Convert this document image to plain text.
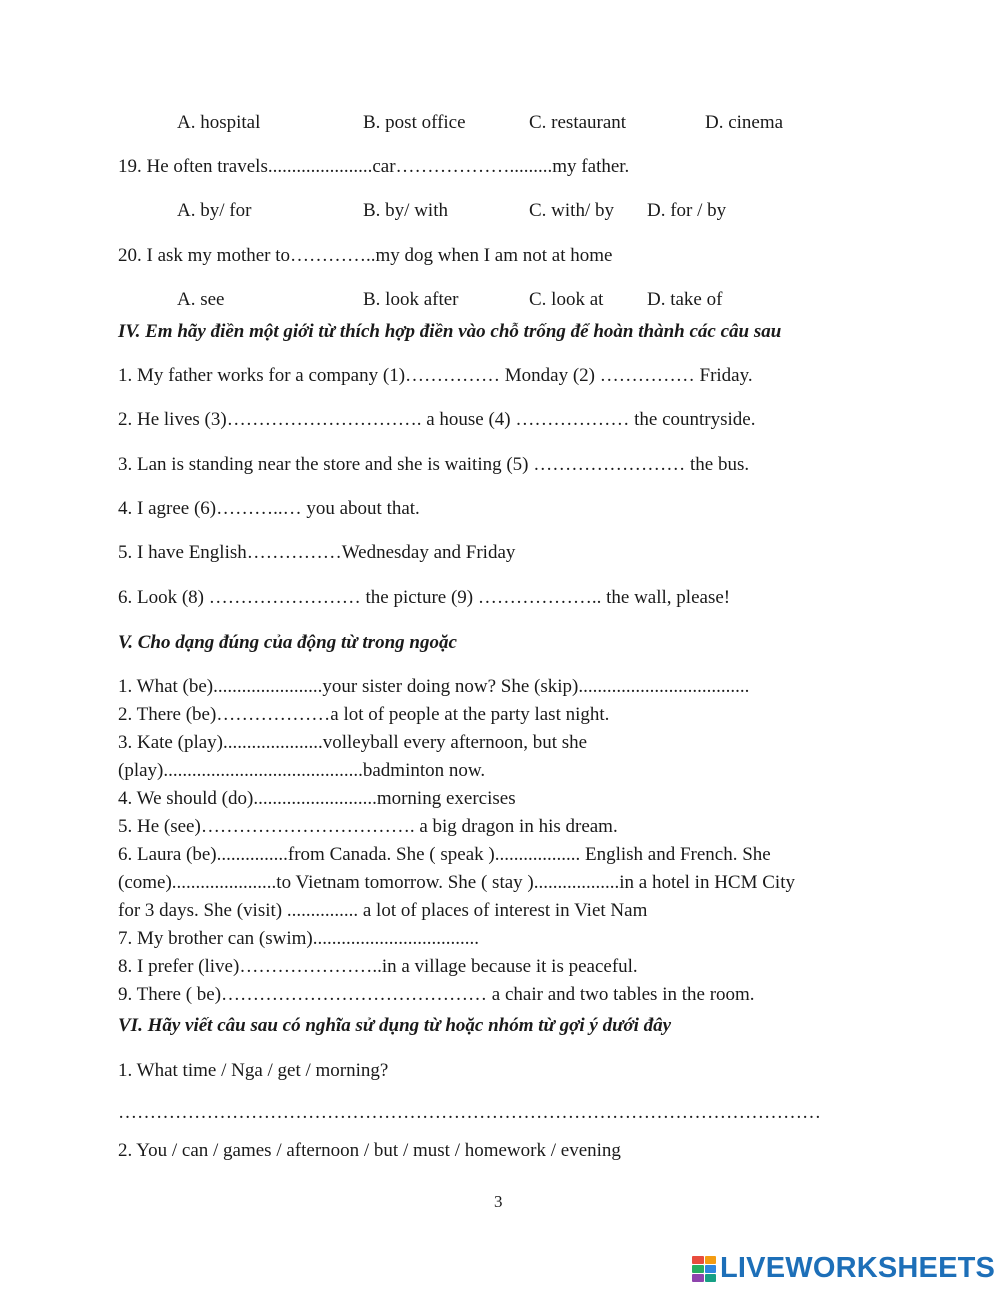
A. hospital	B. post office	C. restaurant	D. cinema
19. He often travels......................car……………….........my father.
A. by/ for	B. by/ with	C. with/ by D. for / by
20. I ask my mother to…………..my dog when I am not at home
A. see	B. look after	C. look at D. take of
IV. Em hãy điền một giới từ thích hợp điền vào chỗ trống để hoàn thành các câu sau
1. My father works for a company (1)…………… Monday (2) …………… Friday.
2. He lives (3)…………………………. a house (4) ……………… the countryside.
3. Lan is standing near the store and she is waiting (5) …………………… the bus.
4. I agree (6)………..… you about that.
5. I have English……………Wednesday and Friday
6. Look (8) …………………… the picture (9) ……………….. the wall, please!
V. Cho dạng đúng của động từ trong ngoặc
1. What (be).......................your sister doing now? She (skip)....................................
2. There (be)………………a lot of people at the party last night.
3. Kate (play).....................volleyball every afternoon, but she
(play)..........................................badminton now.
4. We should (do)..........................morning exercises
5. He (see)……………………………. a big dragon in his dream.
6. Laura (be)...............from Canada. She ( speak ).................. English and French. She
(come)......................to Vietnam tomorrow. She ( stay )..................in a hotel in HCM City
for 3 days. She (visit) ............... a lot of places of interest in Viet Nam
7. My brother can (swim)...................................
8. I prefer (live)…………………..in a village because it is peaceful.
9. There ( be)…………………………………… a chair and two tables in the room.
VI. Hãy viết câu sau có nghĩa sử dụng từ hoặc nhóm từ gợi ý dưới đây
1. What time / Nga / get / morning?
…………………………………………………………………………………………………
2. You / can / games / afternoon / but / must / homework / evening
3
LIVEWORKSHEETS
